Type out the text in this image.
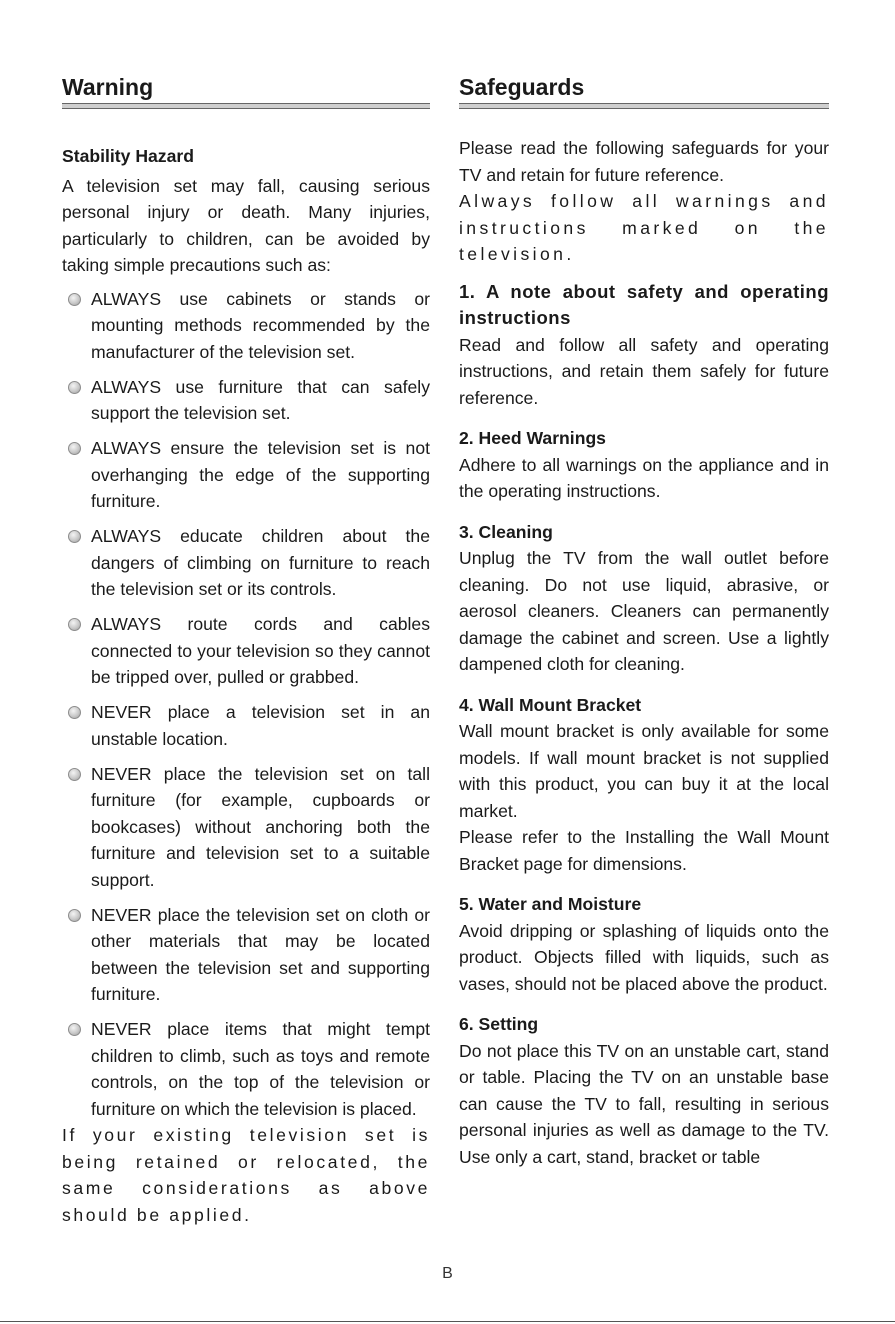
Warning
Stability Hazard

A television set may fall, causing serious personal injury or death. Many injuries, particularly to children, can be avoided by taking simple precautions such as:

ALWAYS use cabinets or stands or mounting methods recommended by the manufacturer of the television set.
ALWAYS use furniture that can safely support the television set.
ALWAYS ensure the television set is not overhanging the edge of the supporting furniture.
ALWAYS educate children about the dangers of climbing on furniture to reach the television set or its controls.
ALWAYS route cords and cables connected to your television so they cannot be tripped over, pulled or grabbed.
NEVER place a television set in an unstable location.
NEVER place the television set on tall furniture (for example, cupboards or bookcases) without anchoring both the furniture and television set to a suitable support.
NEVER place the television set on cloth or other materials that may be located between the television set and supporting furniture.
NEVER place items that might tempt children to climb, such as toys and remote controls, on the top of the television or furniture on which the television is placed.

If your existing television set is being retained or relocated, the same considerations as above should be applied.

Safeguards

Please read the following safeguards for your TV and retain for future reference.

Always follow all warnings and instructions marked on the television.

1. A note about safety and operating instructions

Read and follow all safety and operating instructions, and retain them safely for future reference.

2. Heed Warnings

Adhere to all warnings on the appliance and in the operating instructions.

3. Cleaning

Unplug the TV from the wall outlet before cleaning. Do not use liquid, abrasive, or aerosol cleaners. Cleaners can permanently damage the cabinet and screen. Use a lightly dampened cloth for cleaning.

4. Wall Mount Bracket

Wall mount bracket is only available for some models. If wall mount bracket is not supplied with this product, you can buy it at the local market.

Please refer to the Installing the Wall Mount Bracket page for dimensions.

5. Water and Moisture

Avoid dripping or splashing of liquids onto the product. Objects filled with liquids, such as vases, should not be placed above the product.

6. Setting

Do not place this TV on an unstable cart, stand or table. Placing the TV on an unstable base can cause the TV to fall, resulting in serious personal injuries as well as damage to the TV. Use only a cart, stand, bracket or table

B
